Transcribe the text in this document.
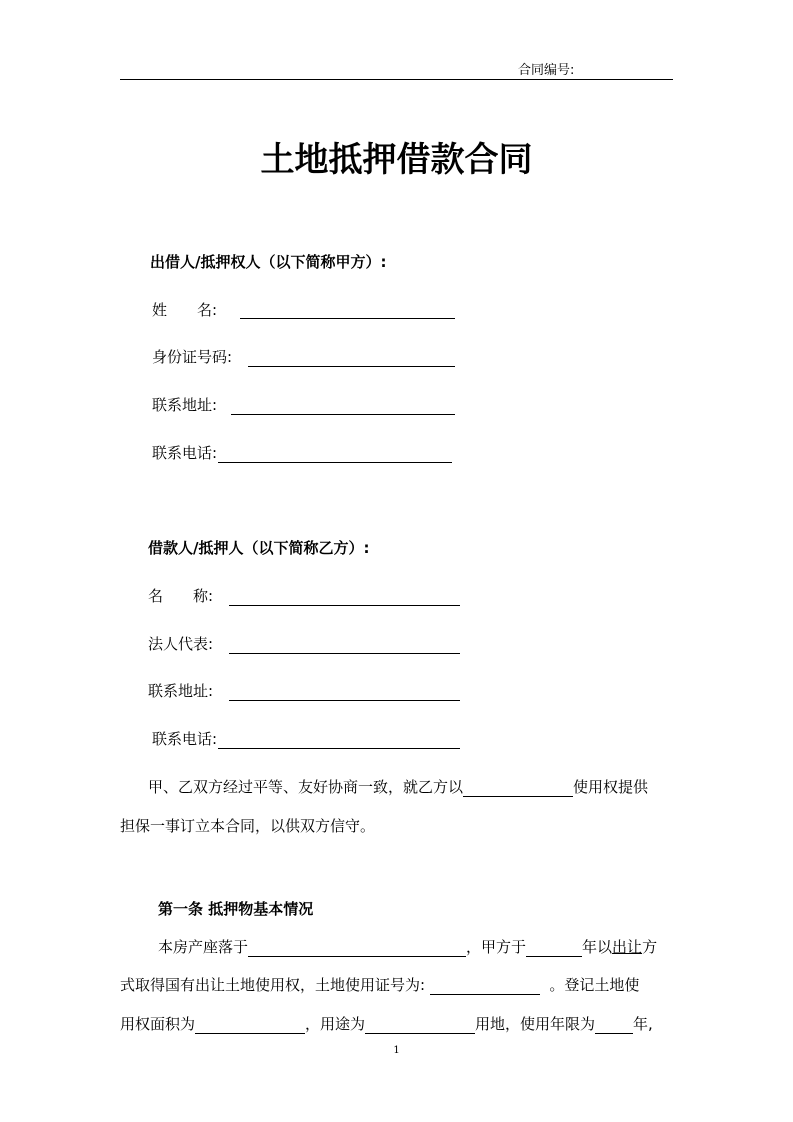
合同编号:
土地抵押借款合同
出借人/抵押权人（以下简称甲方）:
姓　　名:
身份证号码:
联系地址:
联系电话:
借款人/抵押人（以下简称乙方）:
名　　称:
法人代表:
联系地址:
联系电话:
甲、乙双方经过平等、友好协商一致，就乙方以	使用权提供
担保一事订立本合同，以供双方信守。
第一条 抵押物基本情况
本房产座落于	，甲方于	年以出让方
式取得国有出让土地使用权，土地使用证号为:	。登记土地使
用权面积为	，用途为	用地，使用年限为	年,
1
